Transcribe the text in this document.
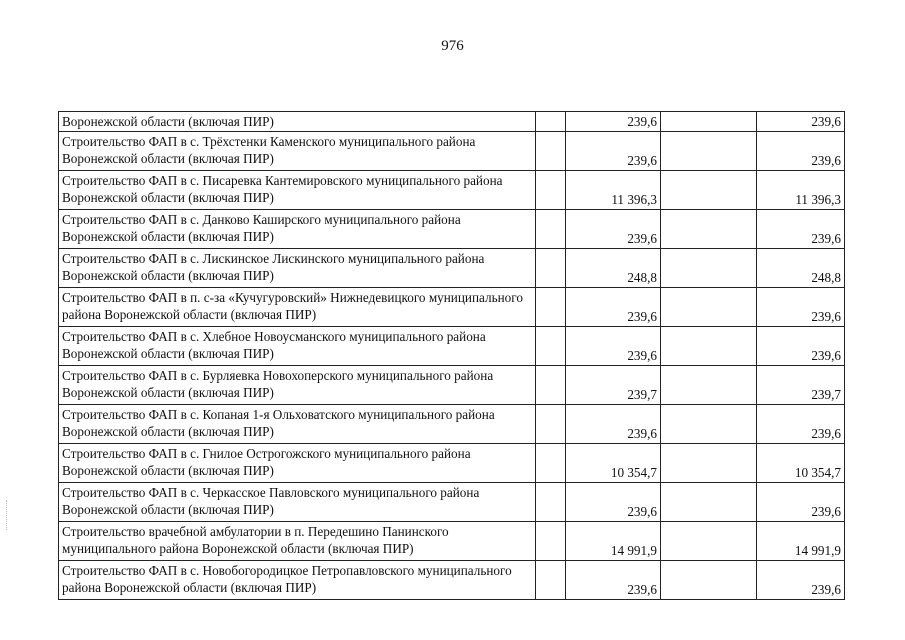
976
Воронежской области (включая ПИР)		239,6		239,6
Строительство ФАП в с. Трёхстенки Каменского муниципального района Воронежской области (включая ПИР)		239,6		239,6
Строительство ФАП в с. Писаревка Кантемировского муниципального района Воронежской области (включая ПИР)		11 396,3		11 396,3
Строительство ФАП в с. Данково Каширского муниципального района Воронежской области (включая ПИР)		239,6		239,6
Строительство ФАП в с. Лискинское Лискинского муниципального района Воронежской области (включая ПИР)		248,8		248,8
Строительство ФАП в п. с-за «Кучугуровский» Нижнедевицкого муниципального района Воронежской области (включая ПИР)		239,6		239,6
Строительство ФАП в с. Хлебное Новоусманского муниципального района Воронежской области (включая ПИР)		239,6		239,6
Строительство ФАП в с. Бурляевка Новохоперского муниципального района Воронежской области (включая ПИР)		239,7		239,7
Строительство ФАП в с. Копаная 1-я Ольховатского муниципального района Воронежской области (включая ПИР)		239,6		239,6
Строительство ФАП в с. Гнилое Острогожского муниципального района Воронежской области (включая ПИР)		10 354,7		10 354,7
Строительство ФАП в с. Черкасское Павловского муниципального района Воронежской области (включая ПИР)		239,6		239,6
Строительство врачебной амбулатории в п. Передешино Панинского муниципального района Воронежской области (включая ПИР)		14 991,9		14 991,9
Строительство ФАП в с. Новобогородицкое Петропавловского муниципального района Воронежской области (включая ПИР)		239,6		239,6
